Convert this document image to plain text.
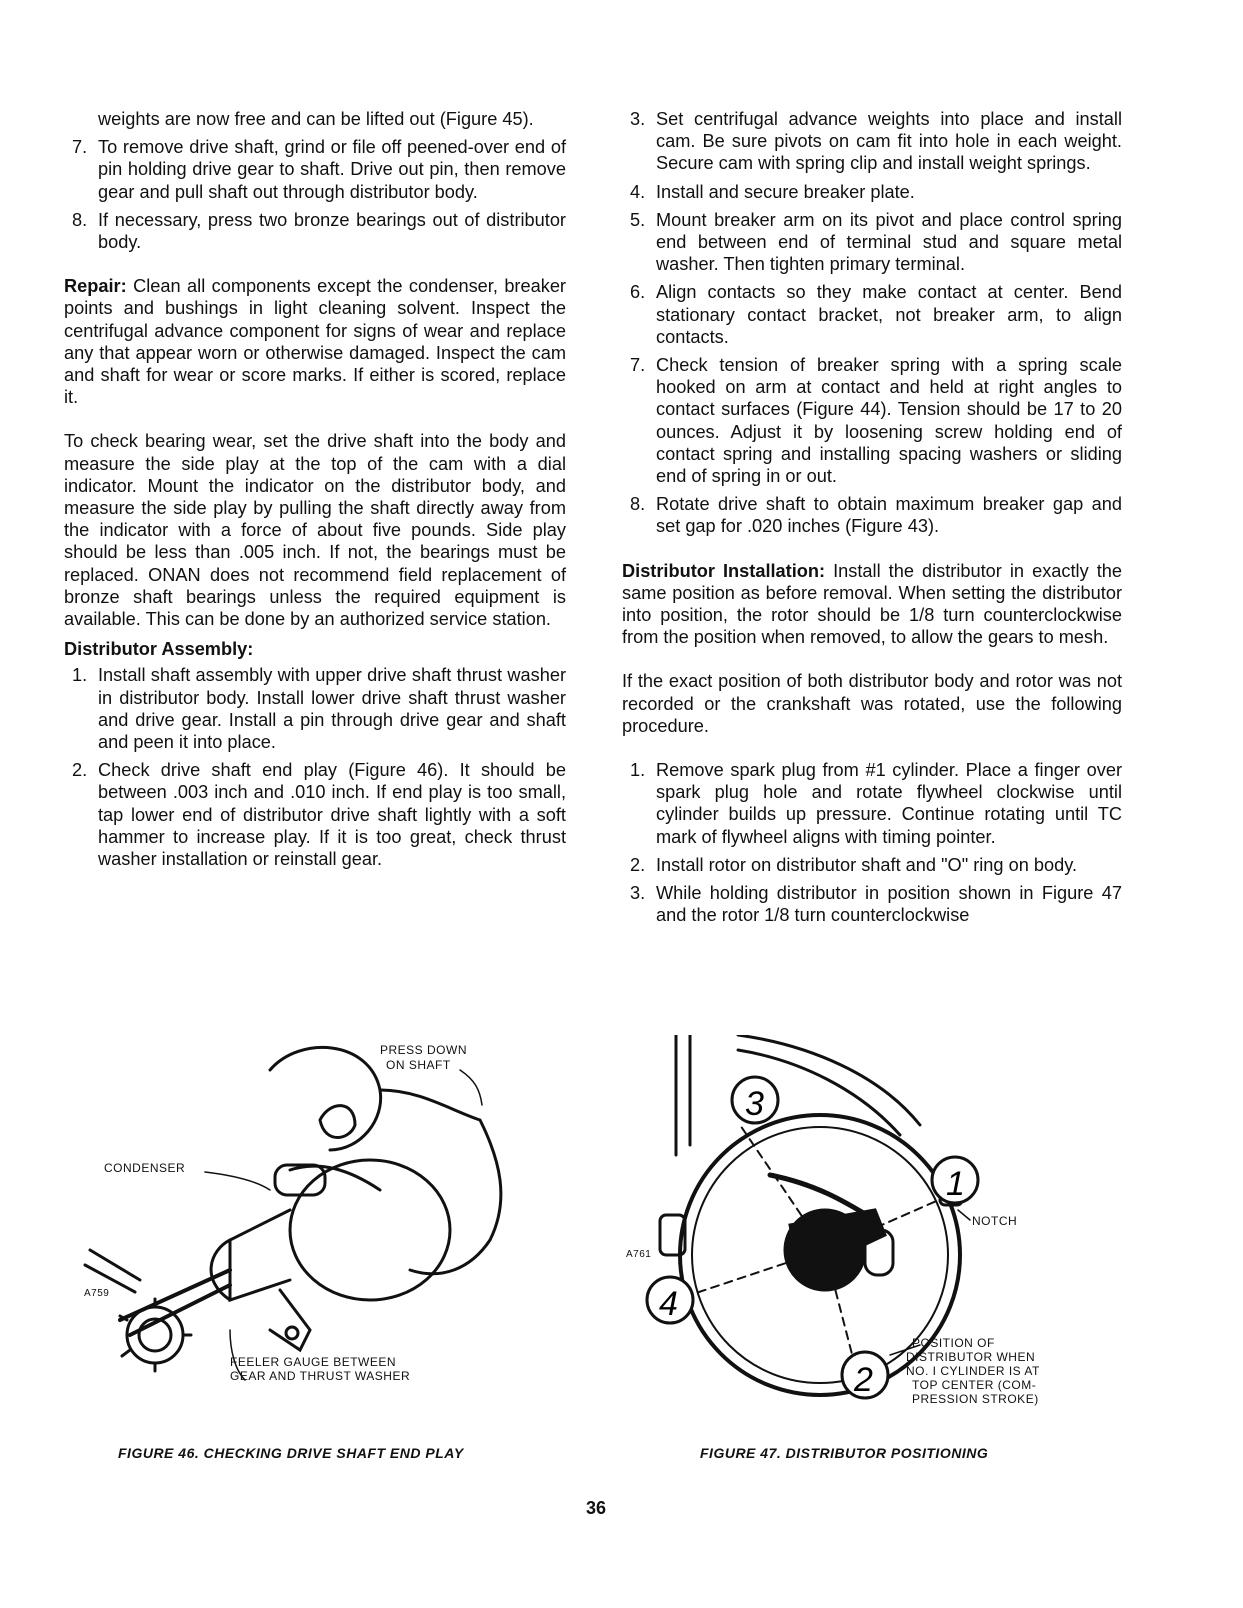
weights are now free and can be lifted out (Figure 45).

7. To remove drive shaft, grind or file off peened-over end of pin holding drive gear to shaft. Drive out pin, then remove gear and pull shaft out through distributor body.
8. If necessary, press two bronze bearings out of distributor body.

Repair: Clean all components except the condenser, breaker points and bushings in light cleaning solvent. Inspect the centrifugal advance component for signs of wear and replace any that appear worn or otherwise damaged. Inspect the cam and shaft for wear or score marks. If either is scored, replace it.

To check bearing wear, set the drive shaft into the body and measure the side play at the top of the cam with a dial indicator. Mount the indicator on the distributor body, and measure the side play by pulling the shaft directly away from the indicator with a force of about five pounds. Side play should be less than .005 inch. If not, the bearings must be replaced. ONAN does not recommend field replacement of bronze shaft bearings unless the required equipment is available. This can be done by an authorized service station.

Distributor Assembly:
1. Install shaft assembly with upper drive shaft thrust washer in distributor body. Install lower drive shaft thrust washer and drive gear. Install a pin through drive gear and shaft and peen it into place.
2. Check drive shaft end play (Figure 46). It should be between .003 inch and .010 inch. If end play is too small, tap lower end of distributor drive shaft lightly with a soft hammer to increase play. If it is too great, check thrust washer installation or reinstall gear.
3. Set centrifugal advance weights into place and install cam. Be sure pivots on cam fit into hole in each weight. Secure cam with spring clip and install weight springs.
4. Install and secure breaker plate.
5. Mount breaker arm on its pivot and place control spring end between end of terminal stud and square metal washer. Then tighten primary terminal.
6. Align contacts so they make contact at center. Bend stationary contact bracket, not breaker arm, to align contacts.
7. Check tension of breaker spring with a spring scale hooked on arm at contact and held at right angles to contact surfaces (Figure 44). Tension should be 17 to 20 ounces. Adjust it by loosening screw holding end of contact spring and installing spacing washers or sliding end of spring in or out.
8. Rotate drive shaft to obtain maximum breaker gap and set gap for .020 inches (Figure 43).

Distributor Installation: Install the distributor in exactly the same position as before removal. When setting the distributor into position, the rotor should be 1/8 turn counterclockwise from the position when removed, to allow the gears to mesh.

If the exact position of both distributor body and rotor was not recorded or the crankshaft was rotated, use the following procedure.

1. Remove spark plug from #1 cylinder. Place a finger over spark plug hole and rotate flywheel clockwise until cylinder builds up pressure. Continue rotating until TC mark of flywheel aligns with timing pointer.
2. Install rotor on distributor shaft and "O" ring on body.
3. While holding distributor in position shown in Figure 47 and the rotor 1/8 turn counterclockwise
PRESS DOWN
CONDENSER
A759
FEELER GAUGE BETWEEN
GEAR AND THRUST WASHER
ON SHAFT
FIGURE 46. CHECKING DRIVE SHAFT END PLAY
3
1
4
2
NOTCH
A761
POSITION OF
DISTRIBUTOR WHEN
NO. I CYLINDER IS AT
TOP CENTER (COM-
PRESSION STROKE)
FIGURE 47. DISTRIBUTOR POSITIONING
36
